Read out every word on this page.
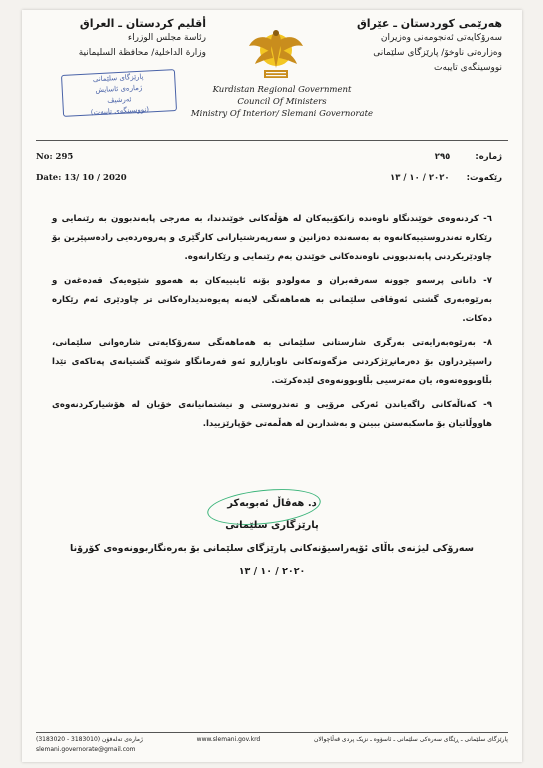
هەرێمی کوردستان ـ عێراق
سەرۆکایەتی ئەنجومەنی وەزیران
وەزارەتی ناوخۆ/ پارێزگای سلێمانی
نووسینگەی تایبەت
أقليم كردستان ـ العراق
رئاسة مجلس الوزراء
وزارة الداخلية/ محافظة السليمانية
پارێزگای سلێمانی
ژمارەی ئاسایش
ئەرشیڤ
(نووسینگەی تایبەت)
Kurdistan Regional Government
Council Of Ministers
Ministry Of Interior/ Slemani Governorate
No: 295
Date: 13/ 10 / 2020
ژمارە: ٢٩٥
رێکەوت: ٢٠٢٠ / ١٠ / ١٣

٦- کردنەوەی خوێندنگاو ناوەندە زانکۆییەکان لە هۆڵەکانی خوێندندا، بە مەرجی پابەندبوون بە رێنمایی و رێکارە تەندروستییەکانەوە بە بەسەندە دەزانین و سەرپەرشتیارانی کارگێری و پەروەردەیی رادەسپێرین بۆ چاودێریکردنی پابەندبوونی ناوەندەکانی خوێندن بەم رێنمایی و رێکارانەوە.

٧- دانانی پرسەو جوونە سەرقەبران و مەولودو بۆنە ئاینییەکان بە هەموو شێوەیەک قەدەغەن و بەرێوەبەری گشتی ئەوقافی سلێمانی بە هەماهەنگی لایەنە پەیوەندیدارەکانی تر چاودێری ئەم رێکارە دەکات.

٨- بەرێوەبەرایەتی بەرگری شارستانی سلێمانی بە هەماهەنگی سەرۆکایەتی شارەوانی سلێمانی، راسپێردراون بۆ دەرمانڕێژکردنی مزگەوتەکانی ناوبازاڕو ئەو فەرمانگاو شوێنە گشتیانەی پەتاکەی تێدا بڵاوبووەتەوە، یان مەترسیی بڵاوبوونەوەی لێدەکرێت.

٩- کەناڵەکانی راگەیاندن ئەرکی مرۆیی و تەندروستی و نیشتمانیانەی خۆیان لە هۆشیارکردنەوەی هاووڵاتیان بۆ ماسکبەستن ببینن و بەشداربن لە هەڵمەتی خۆپارێزییدا.

د. هەڤاڵ ئەبوبەکر
پارێزگاری سلێمانی
سەرۆکی لیژنەی باڵای ئۆپەراسیۆنەکانی پارێزگای سلێمانی بۆ بەرەنگاربوونەوەی کۆرۆنا
٢٠٢٠ / ١٠ / ١٣
(3183020 - 3183010) ژمارەی تەلەفۆن	www.slemani.gov.krd	پارێزگای سلێمانی ـ ڕێگای سەرەکی سلێمانی ـ ئاسۆوە ـ نزیک پردی قەڵاچوالان
slemani.governorate@gmail.com
